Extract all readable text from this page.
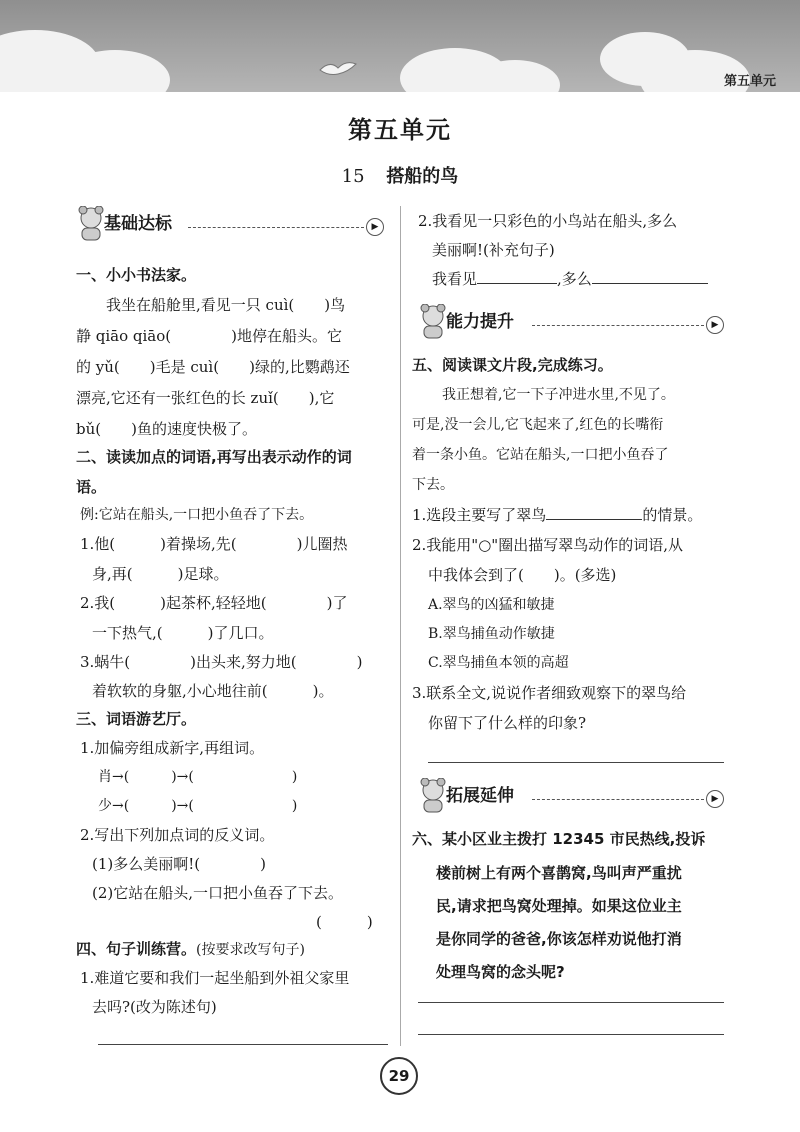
第五单元
第五单元
15 搭船的鸟
基础达标	▶
一、小小书法家。
我坐在船舱里,看见一只 cuì(　　)鸟
静 qiāo qiāo(　　　　)地停在船头。它
的 yǔ(　　)毛是 cuì(　　)绿的,比鹦鹉还
漂亮,它还有一张红色的长 zuǐ(　　),它
bǔ(　　)鱼的速度快极了。
二、读读加点的词语,再写出表示动作的词
语。
例:它站在船头,一口把小鱼吞了下去。
1.他(　　　)着操场,先(　　　　)儿圈热
身,再(　　　)足球。
2.我(　　　)起茶杯,轻轻地(　　　　)了
一下热气,(　　　)了几口。
3.蜗牛(　　　　)出头来,努力地(　　　　)
着软软的身躯,小心地往前(　　　)。
三、词语游艺厅。
1.加偏旁组成新字,再组词。
肖→(　　　)→(　　　　　　　)
少→(　　　)→(　　　　　　　)
2.写出下列加点词的反义词。
(1)多么美丽啊!(　　　　)
(2)它站在船头,一口把小鱼吞了下去。
(　　　)
四、句子训练营。(按要求改写句子)
1.难道它要和我们一起坐船到外祖父家里
去吗?(改为陈述句)
2.我看见一只彩色的小鸟站在船头,多么
美丽啊!(补充句子)
我看见	,多么
能力提升	▶
五、阅读课文片段,完成练习。
我正想着,它一下子冲进水里,不见了。
可是,没一会儿,它飞起来了,红色的长嘴衔
着一条小鱼。它站在船头,一口把小鱼吞了
下去。
1.选段主要写了翠鸟	的情景。
2.我能用"○"圈出描写翠鸟动作的词语,从
中我体会到了(　　)。(多选)
A.翠鸟的凶猛和敏捷
B.翠鸟捕鱼动作敏捷
C.翠鸟捕鱼本领的高超
3.联系全文,说说作者细致观察下的翠鸟给
你留下了什么样的印象?
拓展延伸	▶
六、某小区业主拨打 12345 市民热线,投诉
楼前树上有两个喜鹊窝,鸟叫声严重扰
民,请求把鸟窝处理掉。如果这位业主
是你同学的爸爸,你该怎样劝说他打消
处理鸟窝的念头呢?
29
